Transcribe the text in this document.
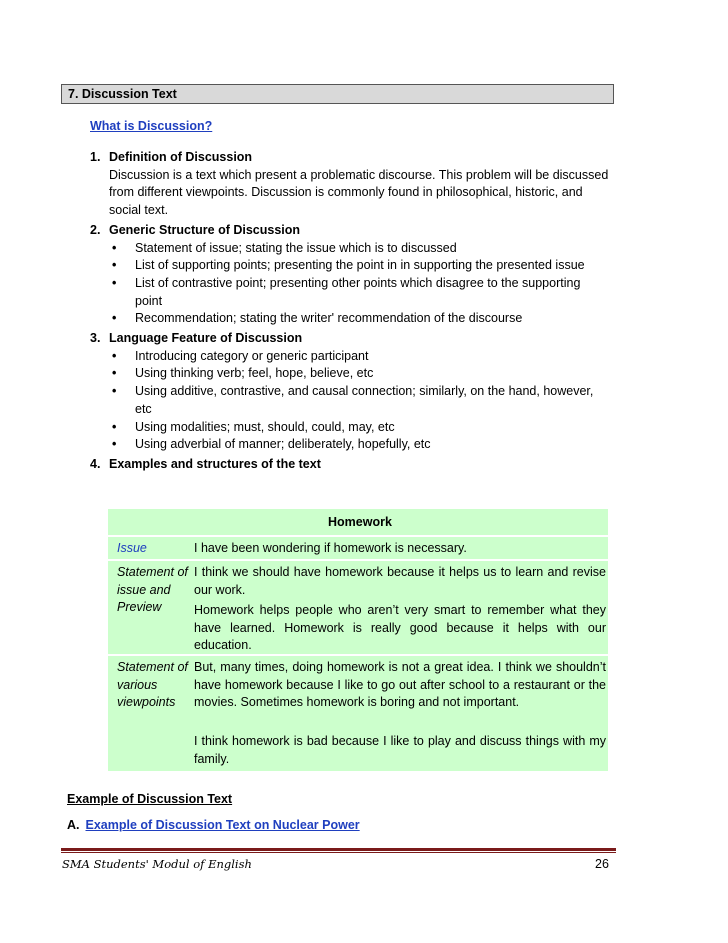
7. Discussion Text
What is Discussion?
1. Definition of Discussion
Discussion is a text which present a problematic discourse. This problem will be discussed from different viewpoints. Discussion is commonly found in philosophical, historic, and social text.
2. Generic Structure of Discussion
• Statement of issue; stating the issue which is to discussed
• List of supporting points; presenting the point in in supporting the presented issue
• List of contrastive point; presenting other points which disagree to the supporting point
• Recommendation; stating the writer' recommendation of the discourse
3. Language Feature of Discussion
• Introducing category or generic participant
• Using thinking verb; feel, hope, believe, etc
• Using additive, contrastive, and causal connection; similarly, on the hand, however, etc
• Using modalities; must, should, could, may, etc
• Using adverbial of manner; deliberately, hopefully, etc
4. Examples and structures of the text
Homework
Issue	I have been wondering if homework is necessary.
Statement of issue and Preview
I think we should have homework because it helps us to learn and revise our work.
Homework helps people who aren’t very smart to remember what they have learned. Homework is really good because it helps with our education.
Statement of various viewpoints
But, many times, doing homework is not a great idea. I think we shouldn’t have homework because I like to go out after school to a restaurant or the movies. Sometimes homework is boring and not important.
I think homework is bad because I like to play and discuss things with my family.
Example of Discussion Text
A. Example of Discussion Text on Nuclear Power
SMA Students' Modul of English	26
